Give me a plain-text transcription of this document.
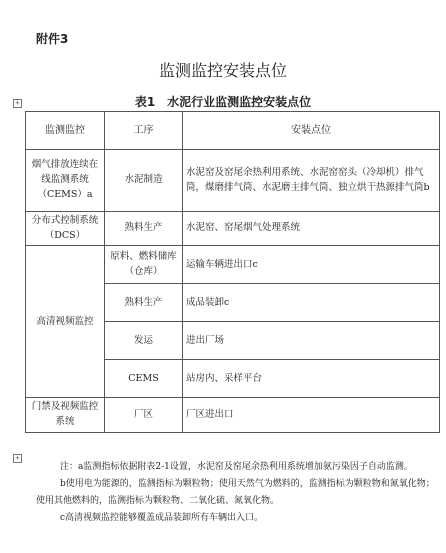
附件3
监测监控安装点位
表1 水泥行业监测监控安装点位
+
+
监测监控	工序	安装点位
烟气排放连续在线监测系统（CEMS）a	水泥制造	水泥窑及窑尾余热利用系统、水泥窑窑头（冷却机）排气筒，煤磨排气筒、水泥磨主排气筒、独立烘干热源排气筒b
分布式控制系统（DCS）	熟料生产	水泥窑、窑尾烟气处理系统
高清视频监控	原料、燃料储库（仓库）	运输车辆进出口c
	熟料生产	成品装卸c
	发运	进出厂场
	CEMS	站房内、采样平台
门禁及视频监控系统	厂区	厂区进出口

注：a监测指标依据附表2-1设置，水泥窑及窑尾余热利用系统增加氨污染因子自动监测。

b使用电为能源的，监测指标为颗粒物；使用天然气为燃料的，监测指标为颗粒物和氮氧化物；使用其他燃料的，监测指标为颗粒物、二氧化硫、氮氧化物。

c高清视频监控能够覆盖成品装卸所有车辆出入口。
